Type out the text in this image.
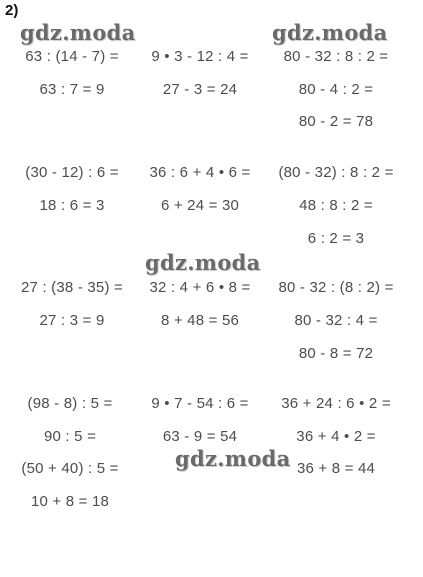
2)
63 : (14 - 7) =
63 : 7 = 9
9 • 3 - 12 : 4 =
27 - 3 = 24
80 - 32 : 8 : 2 =
80 - 4 : 2 =
80 - 2 = 78
(30 - 12) : 6 =
18 : 6 = 3
36 : 6 + 4 • 6 =
6 + 24 = 30
(80 - 32) : 8 : 2 =
48 : 8 : 2 =
6 : 2 = 3
27 : (38 - 35) =
27 : 3 = 9
32 : 4 + 6 • 8 =
8 + 48 = 56
80 - 32 : (8 : 2) =
80 - 32 : 4 =
80 - 8 = 72
(98 - 8) : 5 =
90 : 5 =
(50 + 40) : 5 =
10 + 8 = 18
9 • 7 - 54 : 6 =
63 - 9 = 54
36 + 24 : 6 • 2 =
36 + 4 • 2 =
36 + 8 = 44
gdz.moda	gdz.moda
gdz.moda
gdz.moda
